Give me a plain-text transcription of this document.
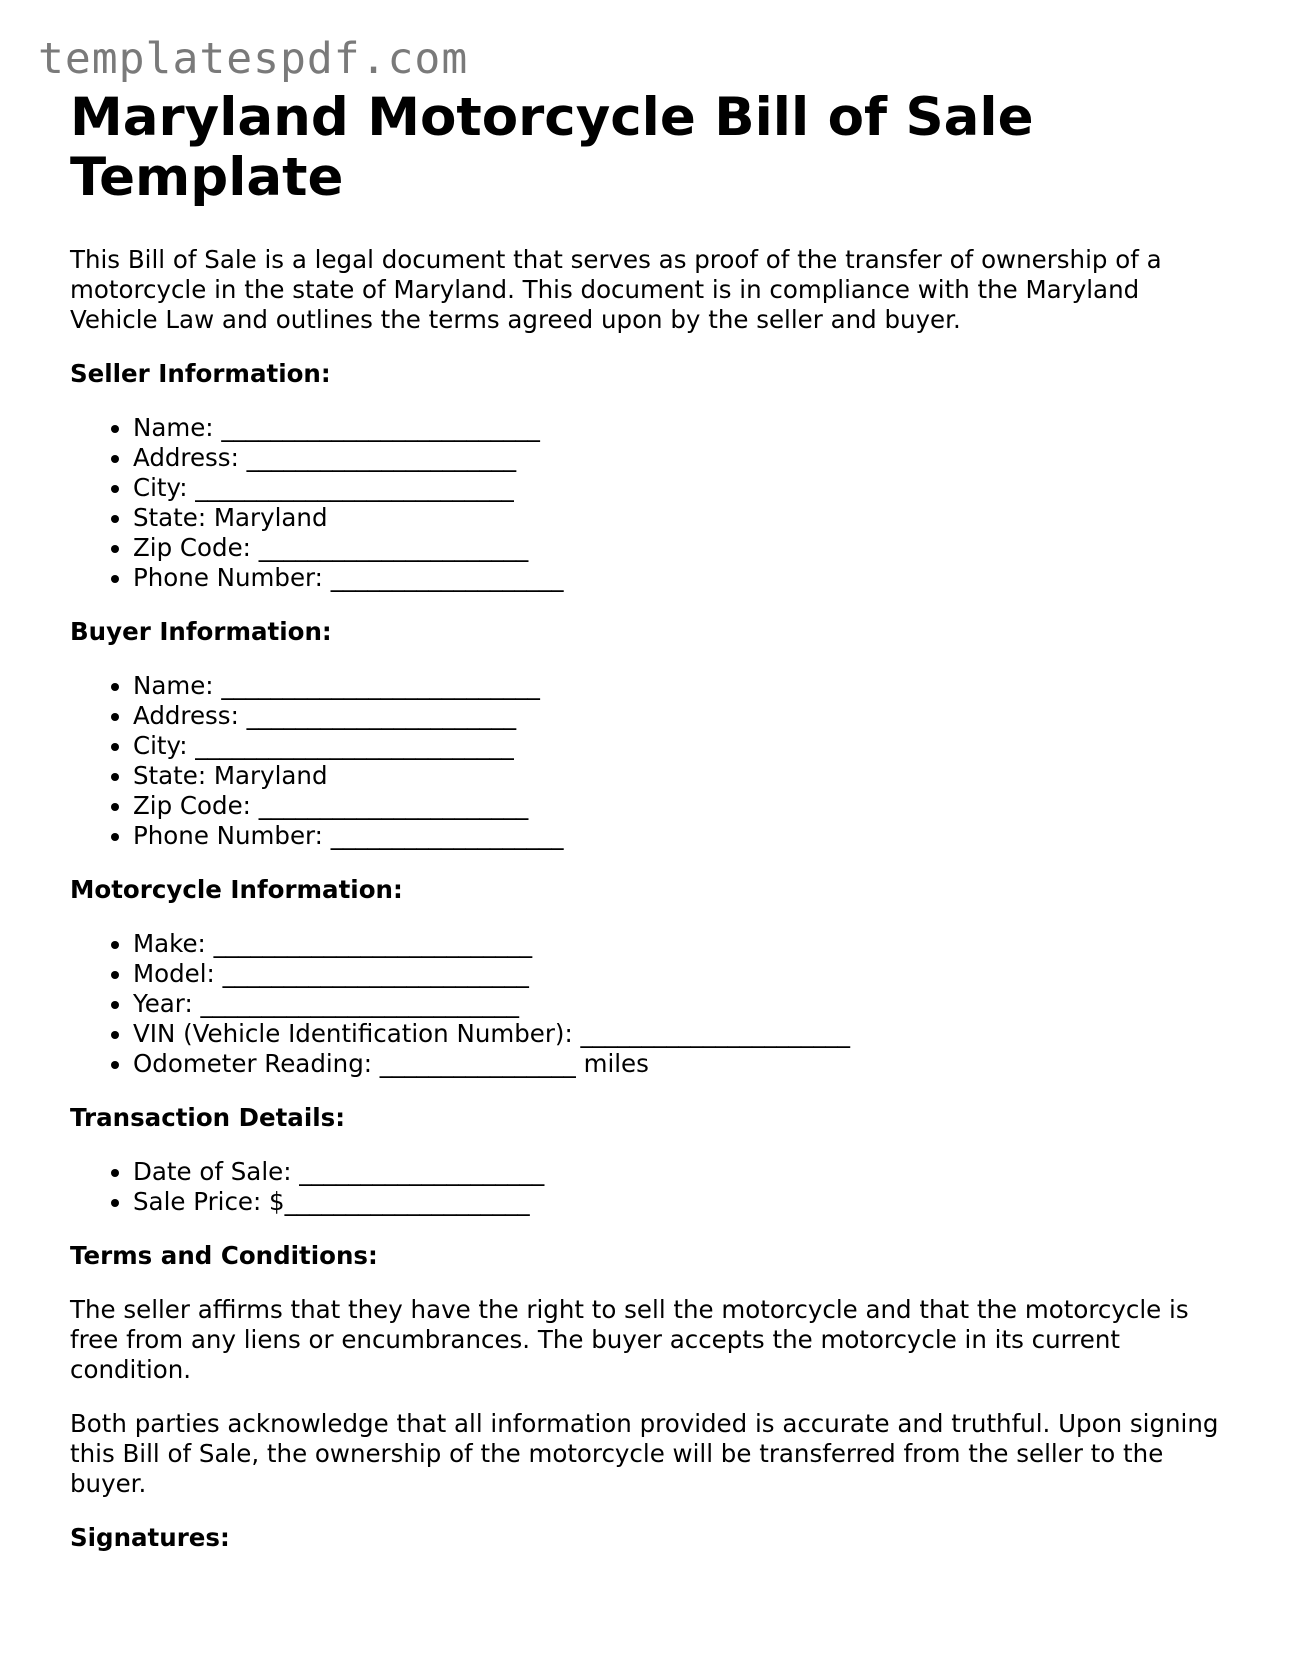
templatespdf.com
Maryland Motorcycle Bill of Sale Template

This Bill of Sale is a legal document that serves as proof of the transfer of ownership of a motorcycle in the state of Maryland. This document is in compliance with the Maryland Vehicle Law and outlines the terms agreed upon by the seller and buyer.

Seller Information:
• Name: __________________________
• Address: ______________________
• City: __________________________
• State: Maryland
• Zip Code: ______________________
• Phone Number: ___________________
Buyer Information:
• Name: __________________________
• Address: ______________________
• City: __________________________
• State: Maryland
• Zip Code: ______________________
• Phone Number: ___________________
Motorcycle Information:
• Make: __________________________
• Model: _________________________
• Year: __________________________
• VIN (Vehicle Identification Number): ______________________
• Odometer Reading: ________________ miles
Transaction Details:
• Date of Sale: ____________________
• Sale Price: $____________________
Terms and Conditions:

The seller affirms that they have the right to sell the motorcycle and that the motorcycle is free from any liens or encumbrances. The buyer accepts the motorcycle in its current condition.

Both parties acknowledge that all information provided is accurate and truthful. Upon signing this Bill of Sale, the ownership of the motorcycle will be transferred from the seller to the buyer.

Signatures:
